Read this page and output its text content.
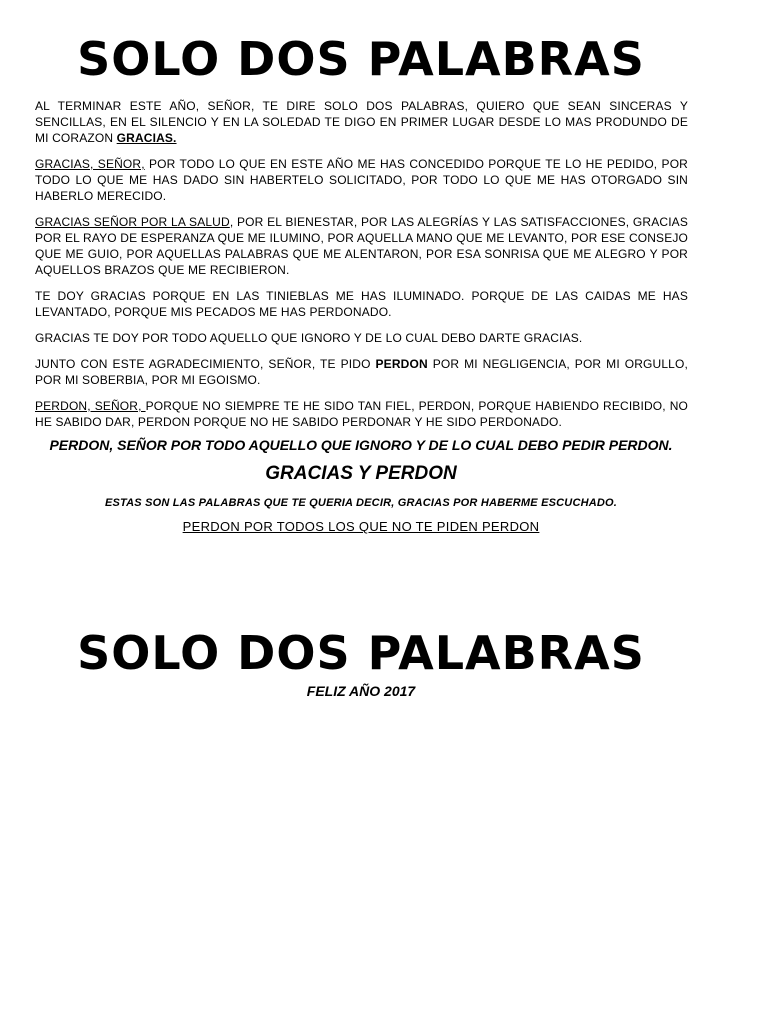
SOLO DOS PALABRAS

AL TERMINAR ESTE AÑO, SEÑOR, TE DIRE SOLO DOS PALABRAS, QUIERO QUE SEAN SINCERAS Y SENCILLAS, EN EL SILENCIO Y EN LA SOLEDAD TE DIGO EN PRIMER LUGAR DESDE LO MAS PRODUNDO DE MI CORAZON GRACIAS.

GRACIAS, SEÑOR, POR TODO LO QUE EN ESTE AÑO ME HAS CONCEDIDO PORQUE TE LO HE PEDIDO, POR TODO LO QUE ME HAS DADO SIN HABERTELO SOLICITADO, POR TODO LO QUE ME HAS OTORGADO SIN HABERLO MERECIDO.

GRACIAS SEÑOR POR LA SALUD, POR EL BIENESTAR, POR LAS ALEGRÍAS Y LAS SATISFACCIONES, GRACIAS POR EL RAYO DE ESPERANZA QUE ME ILUMINO, POR AQUELLA MANO QUE ME LEVANTO, POR ESE CONSEJO QUE ME GUIO, POR AQUELLAS PALABRAS QUE ME ALENTARON, POR ESA SONRISA QUE ME ALEGRO Y POR AQUELLOS BRAZOS QUE ME RECIBIERON.

TE DOY GRACIAS PORQUE EN LAS TINIEBLAS ME HAS ILUMINADO. PORQUE DE LAS CAIDAS ME HAS LEVANTADO, PORQUE MIS PECADOS ME HAS PERDONADO.

GRACIAS TE DOY POR TODO AQUELLO QUE IGNORO Y DE LO CUAL DEBO DARTE GRACIAS.

JUNTO CON ESTE AGRADECIMIENTO, SEÑOR, TE PIDO PERDON POR MI NEGLIGENCIA, POR MI ORGULLO, POR MI SOBERBIA, POR MI EGOISMO.

PERDON, SEÑOR, PORQUE NO SIEMPRE TE HE SIDO TAN FIEL, PERDON, PORQUE HABIENDO RECIBIDO, NO HE SABIDO DAR, PERDON PORQUE NO HE SABIDO PERDONAR Y HE SIDO PERDONADO.

PERDON, SEÑOR POR TODO AQUELLO QUE IGNORO Y DE LO CUAL DEBO PEDIR PERDON.

GRACIAS Y PERDON

ESTAS SON LAS PALABRAS QUE TE QUERIA DECIR, GRACIAS POR HABERME ESCUCHADO.

PERDON POR TODOS LOS QUE NO TE PIDEN PERDON

SOLO DOS PALABRAS

FELIZ AÑO 2017
